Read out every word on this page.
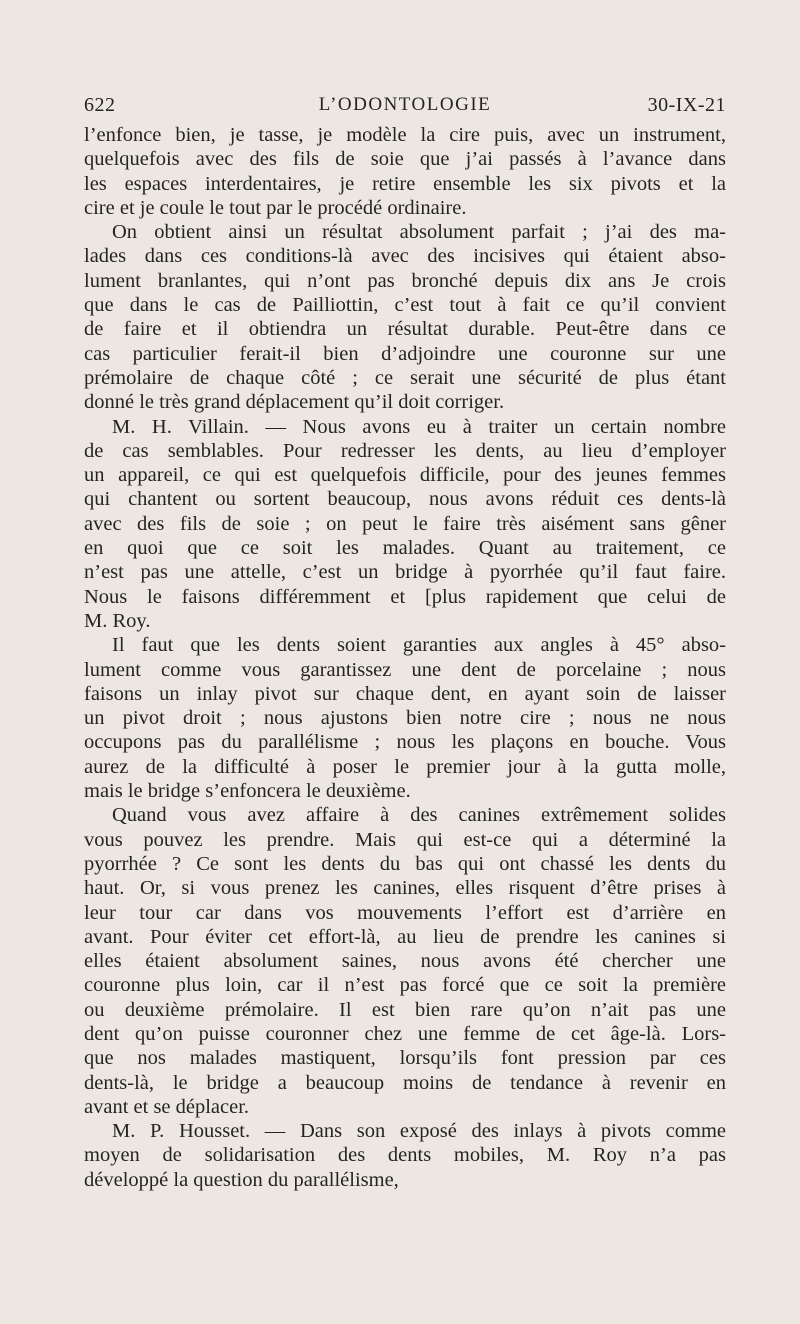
622	L’ODONTOLOGIE	30-IX-21
l’enfonce bien, je tasse, je modèle la cire puis, avec un instrument,
quelquefois avec des fils de soie que j’ai passés à l’avance dans
les espaces interdentaires, je retire ensemble les six pivots et la
cire et je coule le tout par le procédé ordinaire.
On obtient ainsi un résultat absolument parfait ; j’ai des ma-
lades dans ces conditions-là avec des incisives qui étaient abso-
lument branlantes, qui n’ont pas bronché depuis dix ans Je crois
que dans le cas de Pailliottin, c’est tout à fait ce qu’il convient
de faire et il obtiendra un résultat durable. Peut-être dans ce
cas particulier ferait-il bien d’adjoindre une couronne sur une
prémolaire de chaque côté ; ce serait une sécurité de plus étant
donné le très grand déplacement qu’il doit corriger.
M. H. Villain. — Nous avons eu à traiter un certain nombre
de cas semblables. Pour redresser les dents, au lieu d’employer
un appareil, ce qui est quelquefois difficile, pour des jeunes femmes
qui chantent ou sortent beaucoup, nous avons réduit ces dents-là
avec des fils de soie ; on peut le faire très aisément sans gêner
en quoi que ce soit les malades. Quant au traitement, ce
n’est pas une attelle, c’est un bridge à pyorrhée qu’il faut faire.
Nous le faisons différemment et [plus rapidement que celui de
M. Roy.
Il faut que les dents soient garanties aux angles à 45° abso-
lument comme vous garantissez une dent de porcelaine ; nous
faisons un inlay pivot sur chaque dent, en ayant soin de laisser
un pivot droit ; nous ajustons bien notre cire ; nous ne nous
occupons pas du parallélisme ; nous les plaçons en bouche. Vous
aurez de la difficulté à poser le premier jour à la gutta molle,
mais le bridge s’enfoncera le deuxième.
Quand vous avez affaire à des canines extrêmement solides
vous pouvez les prendre. Mais qui est-ce qui a déterminé la
pyorrhée ? Ce sont les dents du bas qui ont chassé les dents du
haut. Or, si vous prenez les canines, elles risquent d’être prises à
leur tour car dans vos mouvements l’effort est d’arrière en
avant. Pour éviter cet effort-là, au lieu de prendre les canines si
elles étaient absolument saines, nous avons été chercher une
couronne plus loin, car il n’est pas forcé que ce soit la première
ou deuxième prémolaire. Il est bien rare qu’on n’ait pas une
dent qu’on puisse couronner chez une femme de cet âge-là. Lors-
que nos malades mastiquent, lorsqu’ils font pression par ces
dents-là, le bridge a beaucoup moins de tendance à revenir en
avant et se déplacer.
M. P. Housset. — Dans son exposé des inlays à pivots comme
moyen de solidarisation des dents mobiles, M. Roy n’a pas
développé la question du parallélisme,
